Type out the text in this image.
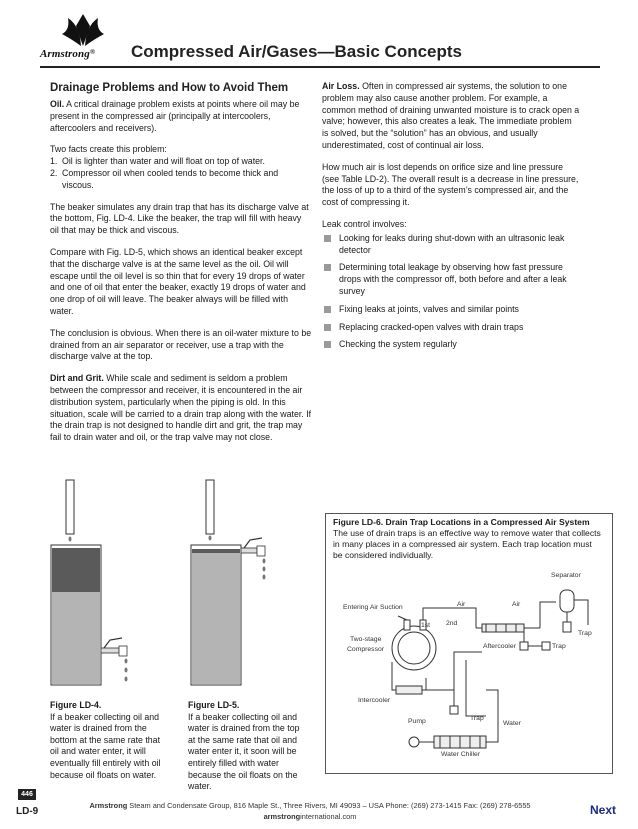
Armstrong® Compressed Air/Gases—Basic Concepts
Drainage Problems and How to Avoid Them

Oil. A critical drainage problem exists at points where oil may be present in the compressed air (principally at intercoolers, aftercoolers and receivers).

Two facts create this problem:
1. Oil is lighter than water and will float on top of water.
2. Compressor oil when cooled tends to become thick and viscous.

The beaker simulates any drain trap that has its discharge valve at the bottom, Fig. LD-4. Like the beaker, the trap will fill with heavy oil that may be thick and viscous.

Compare with Fig. LD-5, which shows an identical beaker except that the discharge valve is at the same level as the oil. Oil will escape until the oil level is so thin that for every 19 drops of water and one of oil that enter the beaker, exactly 19 drops of water and one drop of oil will leave. The beaker always will be filled with water.

The conclusion is obvious. When there is an oil-water mixture to be drained from an air separator or receiver, use a trap with the discharge valve at the top.

Dirt and Grit. While scale and sediment is seldom a problem between the compressor and receiver, it is encountered in the air distribution system, particularly when the piping is old. In this situation, scale will be carried to a drain trap along with the water. If the drain trap is not designed to handle dirt and grit, the trap may fail to drain water and oil, or the trap valve may not close.

Air Loss. Often in compressed air systems, the solution to one problem may also cause another problem. For example, a common method of draining unwanted moisture is to crack open a valve; however, this also creates a leak. The immediate problem is solved, but the “solution” has an obvious, and usually underestimated, cost of continual air loss.

How much air is lost depends on orifice size and line pressure (see Table LD-2). The overall result is a decrease in line pressure, the loss of up to a third of the system’s compressed air, and the cost of compressing it.

Leak control involves:
Looking for leaks during shut-down with an ultrasonic leak detector
Determining total leakage by observing how fast pressure drops with the compressor off, both before and after a leak survey
Fixing leaks at joints, valves and similar points
Replacing cracked-open valves with drain traps
Checking the system regularly
Figure LD-4.
If a beaker collecting oil and water is drained from the bottom at the same rate that oil and water enter, it will eventually fill entirely with oil because oil floats on water.
Figure LD-5.
If a beaker collecting oil and water is drained from the top at the same rate that oil and water enter it, it soon will be entirely filled with water because the oil floats on the water.
Figure LD-6. Drain Trap Locations in a Compressed Air System
The use of drain traps is an effective way to remove water that collects in many places in a compressed air system. Each trap location must be considered individually.
Separator
Entering Air Suction	Air	Air
1st 2nd
Two-stage
Compressor	Aftercooler	Trap
Trap
Intercooler
Trap
Pump	Water
Water Chiller
446
LD-9
Armstrong Steam and Condensate Group, 816 Maple St., Three Rivers, MI 49093 – USA Phone: (269) 273-1415 Fax: (269) 278-6555
armstronginternational.com	Next
